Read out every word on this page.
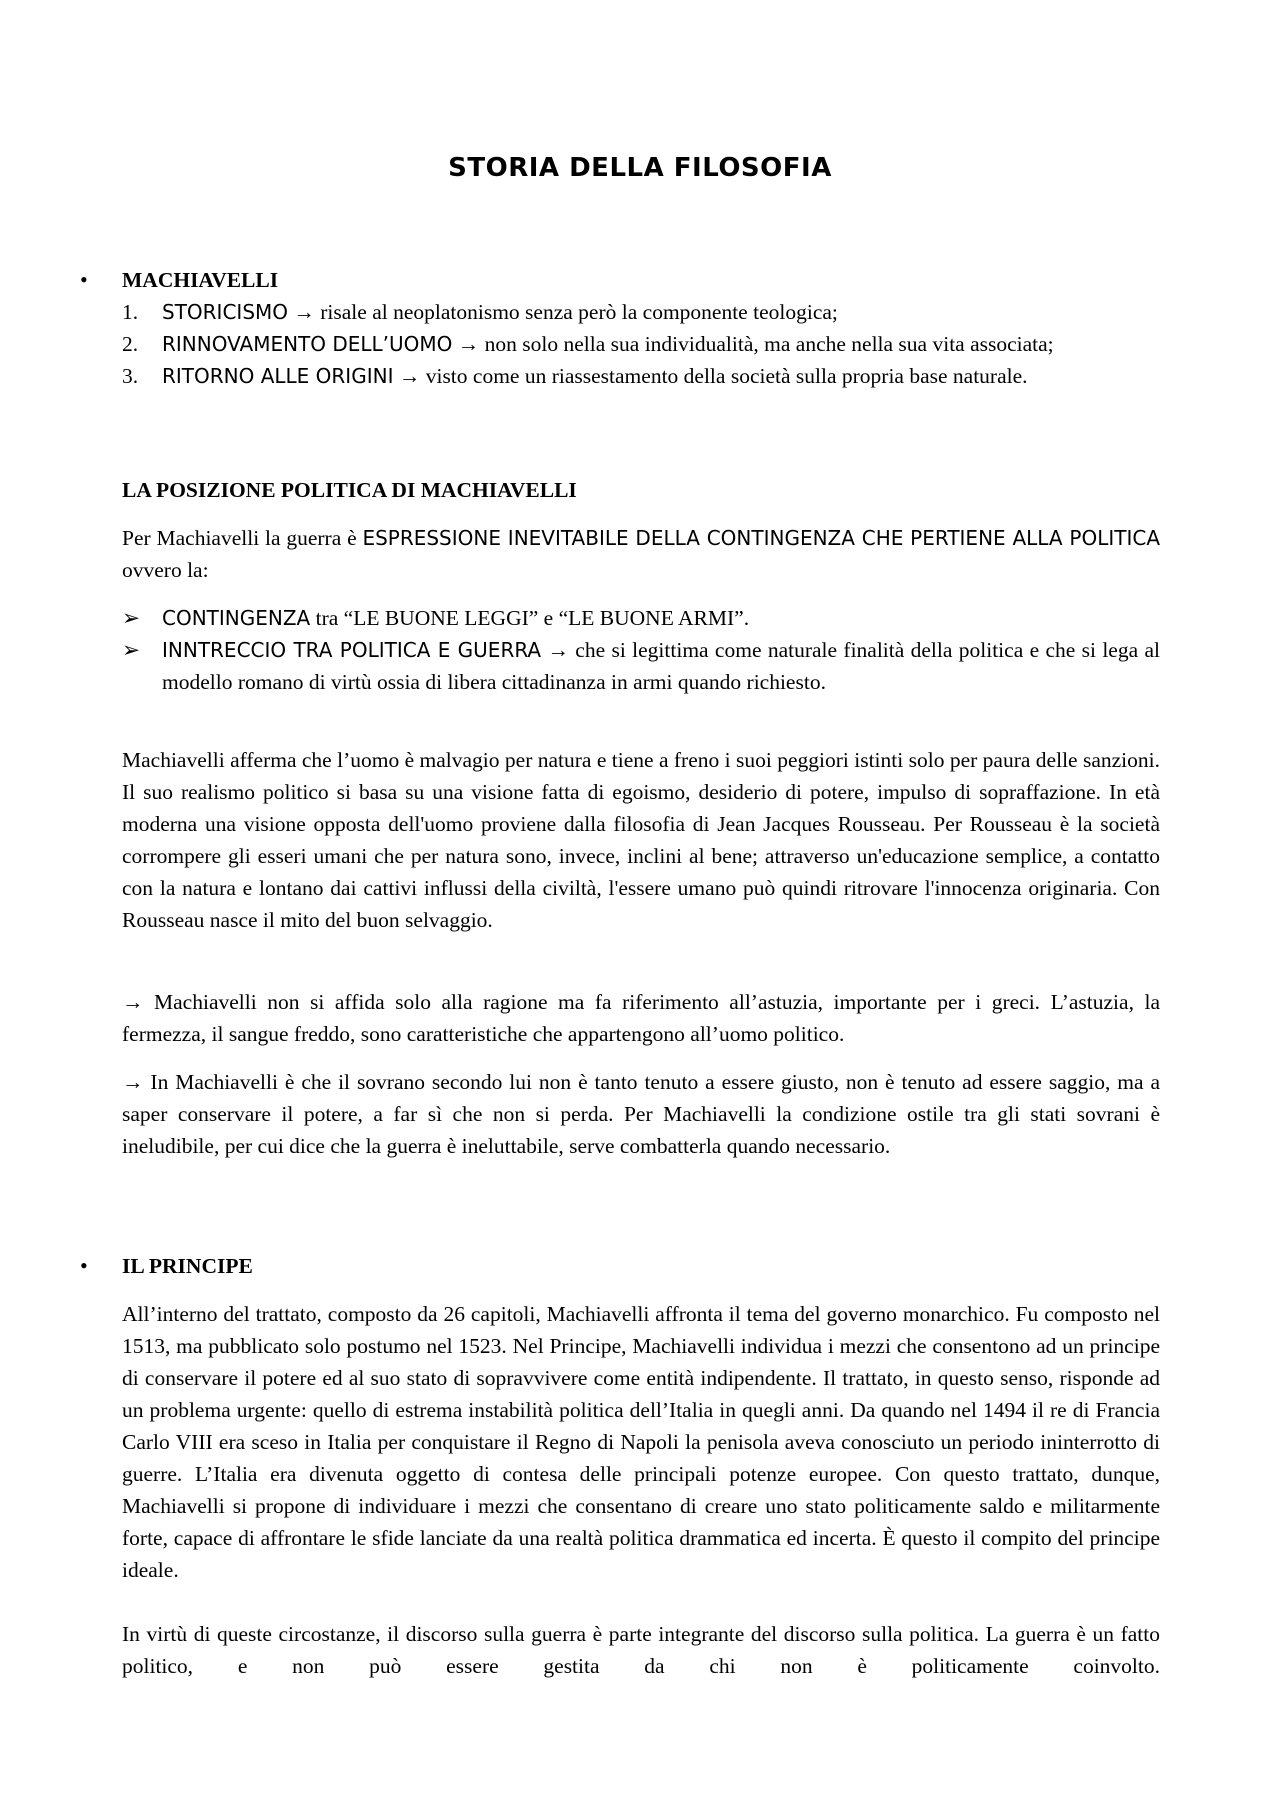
STORIA DELLA FILOSOFIA
• MACHIAVELLI
1. STORICISMO → risale al neoplatonismo senza però la componente teologica;
2. RINNOVAMENTO DELL’UOMO → non solo nella sua individualità, ma anche nella sua vita associata;
3. RITORNO ALLE ORIGINI → visto come un riassestamento della società sulla propria base naturale.
LA POSIZIONE POLITICA DI MACHIAVELLI

Per Machiavelli la guerra è ESPRESSIONE INEVITABILE DELLA CONTINGENZA CHE PERTIENE ALLA POLITICA ovvero la:

➢ CONTINGENZA tra “LE BUONE LEGGI” e “LE BUONE ARMI”.
➢ INNTRECCIO TRA POLITICA E GUERRA → che si legittima come naturale finalità della politica e che si lega al modello romano di virtù ossia di libera cittadinanza in armi quando richiesto.

Machiavelli afferma che l’uomo è malvagio per natura e tiene a freno i suoi peggiori istinti solo per paura delle sanzioni. Il suo realismo politico si basa su una visione fatta di egoismo, desiderio di potere, impulso di sopraffazione. In età moderna una visione opposta dell'uomo proviene dalla filosofia di Jean Jacques Rousseau. Per Rousseau è la società corrompere gli esseri umani che per natura sono, invece, inclini al bene; attraverso un'educazione semplice, a contatto con la natura e lontano dai cattivi influssi della civiltà, l'essere umano può quindi ritrovare l'innocenza originaria. Con Rousseau nasce il mito del buon selvaggio.

→ Machiavelli non si affida solo alla ragione ma fa riferimento all’astuzia, importante per i greci. L’astuzia, la fermezza, il sangue freddo, sono caratteristiche che appartengono all’uomo politico.

→ In Machiavelli è che il sovrano secondo lui non è tanto tenuto a essere giusto, non è tenuto ad essere saggio, ma a saper conservare il potere, a far sì che non si perda. Per Machiavelli la condizione ostile tra gli stati sovrani è ineludibile, per cui dice che la guerra è ineluttabile, serve combatterla quando necessario.

• IL PRINCIPE

All’interno del trattato, composto da 26 capitoli, Machiavelli affronta il tema del governo monarchico. Fu composto nel 1513, ma pubblicato solo postumo nel 1523. Nel Principe, Machiavelli individua i mezzi che consentono ad un principe di conservare il potere ed al suo stato di sopravvivere come entità indipendente. Il trattato, in questo senso, risponde ad un problema urgente: quello di estrema instabilità politica dell’Italia in quegli anni. Da quando nel 1494 il re di Francia Carlo VIII era sceso in Italia per conquistare il Regno di Napoli la penisola aveva conosciuto un periodo ininterrotto di guerre. L’Italia era divenuta oggetto di contesa delle principali potenze europee. Con questo trattato, dunque, Machiavelli si propone di individuare i mezzi che consentano di creare uno stato politicamente saldo e militarmente forte, capace di affrontare le sfide lanciate da una realtà politica drammatica ed incerta. È questo il compito del principe ideale.

In virtù di queste circostanze, il discorso sulla guerra è parte integrante del discorso sulla politica. La guerra è un fatto politico, e non può essere gestita da chi non è politicamente coinvolto.
